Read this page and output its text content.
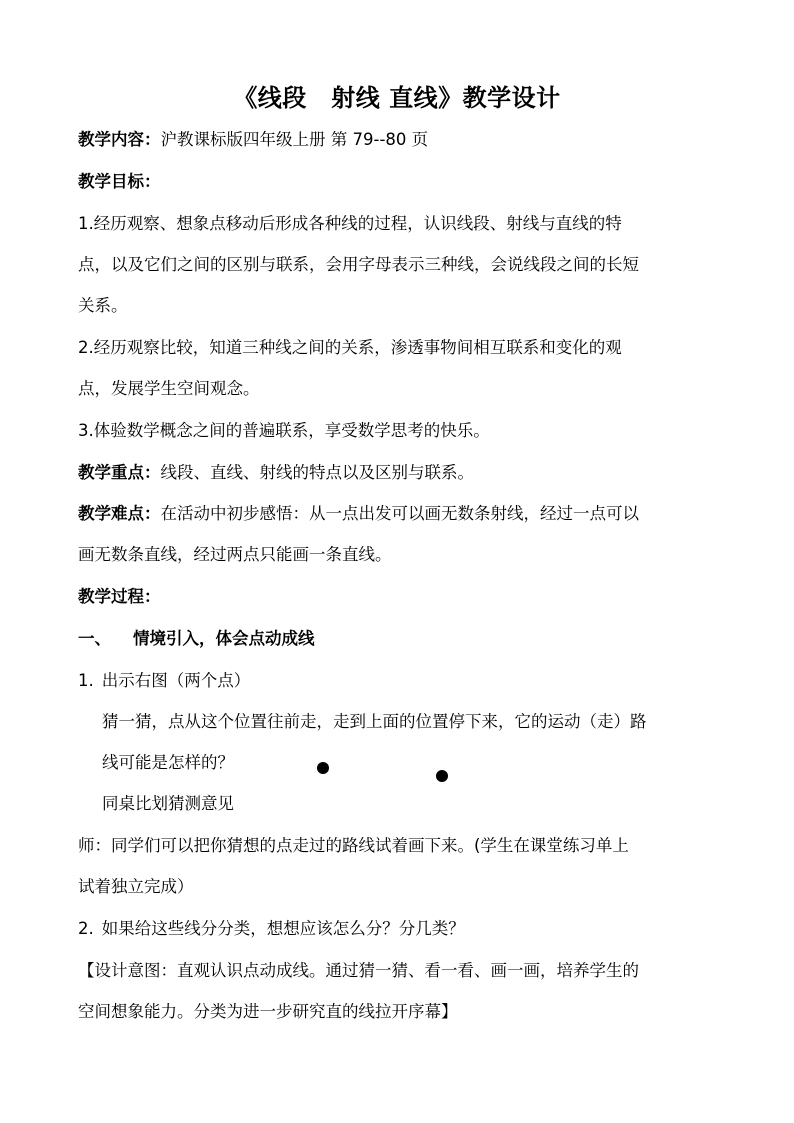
《线段　射线 直线》教学设计
教学内容：沪教课标版四年级上册 第 79--80 页
教学目标：
1.经历观察、想象点移动后形成各种线的过程，认识线段、射线与直线的特
点，以及它们之间的区别与联系，会用字母表示三种线，会说线段之间的长短
关系。
2.经历观察比较，知道三种线之间的关系，渗透事物间相互联系和变化的观
点，发展学生空间观念。
3.体验数学概念之间的普遍联系，享受数学思考的快乐。
教学重点：线段、直线、射线的特点以及区别与联系。
教学难点：在活动中初步感悟：从一点出发可以画无数条射线，经过一点可以
画无数条直线，经过两点只能画一条直线。
教学过程：
一、 情境引入，体会点动成线
1. 出示右图（两个点）
猜一猜，点从这个位置往前走，走到上面的位置停下来，它的运动（走）路
线可能是怎样的？
同桌比划猜测意见
师：同学们可以把你猜想的点走过的路线试着画下来。(学生在课堂练习单上
试着独立完成）
2. 如果给这些线分分类，想想应该怎么分？分几类？
【设计意图：直观认识点动成线。通过猜一猜、看一看、画一画，培养学生的
空间想象能力。分类为进一步研究直的线拉开序幕】
